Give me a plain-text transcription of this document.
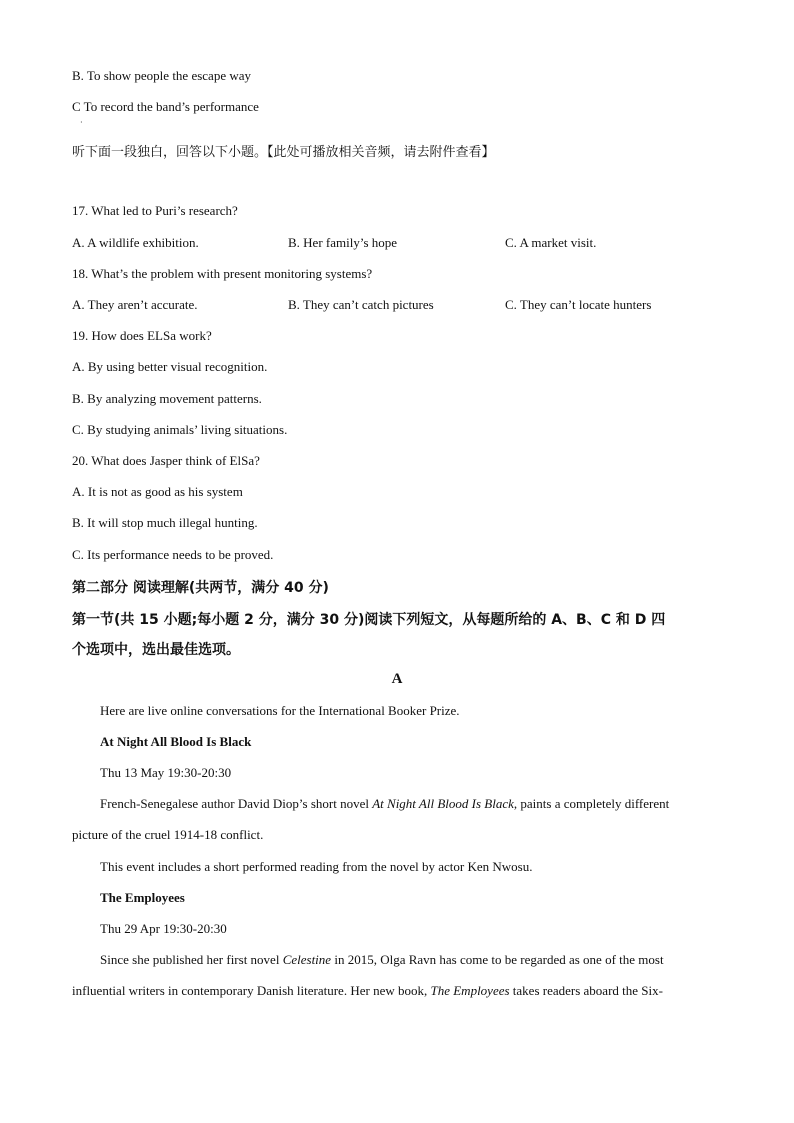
B. To show people the escape way
C To record the band’s performance
·
听下面一段独白，回答以下小题。【此处可播放相关音频，请去附件查看】
17. What led to Puri’s research?
A. A wildlife exhibition.	B. Her family’s hope	C. A market visit.
18. What’s the problem with present monitoring systems?
A. They aren’t accurate.	B. They can’t catch pictures	C. They can’t locate hunters
19. How does ELSa work?
A. By using better visual recognition.
B. By analyzing movement patterns.
C. By studying animals’ living situations.
20. What does Jasper think of ElSa?
A. It is not as good as his system
B. It will stop much illegal hunting.
C. Its performance needs to be proved.
第二部分 阅读理解(共两节，满分 40 分)
第一节(共 15 小题;每小题 2 分，满分 30 分)阅读下列短文，从每题所给的 A、B、C 和 D 四
个选项中，选出最佳选项。
A
Here are live online conversations for the International Booker Prize.
At Night All Blood Is Black
Thu 13 May 19:30-20:30
French-Senegalese author David Diop’s short novel At Night All Blood Is Black, paints a completely different
picture of the cruel 1914-18 conflict.
This event includes a short performed reading from the novel by actor Ken Nwosu.
The Employees
Thu 29 Apr 19:30-20:30
Since she published her first novel Celestine in 2015, Olga Ravn has come to be regarded as one of the most
influential writers in contemporary Danish literature. Her new book, The Employees takes readers aboard the Six-
